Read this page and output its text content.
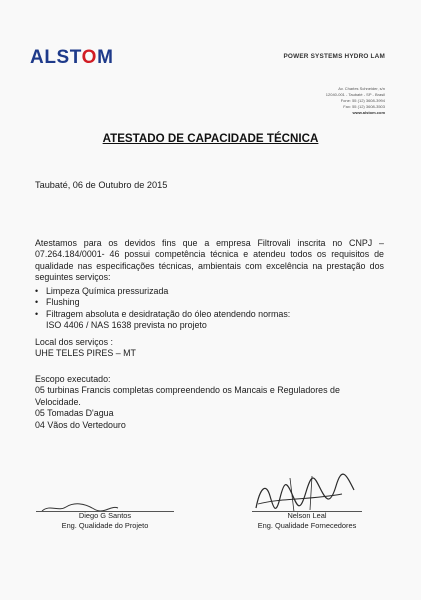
ALSTOM	POWER SYSTEMS HYDRO LAM
Av. Charles Schneider, s/n
12040-001 - Taubaté - SP - Brasil
Fone: 55 (12) 3608-3994
Fax: 55 (12) 3608-3503
www.alstom.com
ATESTADO DE CAPACIDADE TÉCNICA
Taubaté, 06 de Outubro de 2015
Atestamos para os devidos fins que a empresa Filtrovali inscrita no CNPJ – 07.264.184/0001- 46 possui competência técnica e atendeu todos os requisitos de qualidade nas especificações técnicas, ambientais com excelência na prestação dos seguintes serviços:
• Limpeza Química pressurizada
• Flushing
• Filtragem absoluta e desidratação do óleo atendendo normas:
ISO 4406 / NAS 1638 prevista no projeto
Local dos serviços :
UHE TELES PIRES – MT
Escopo executado:
05 turbinas Francis completas compreendendo os Mancais e Reguladores de Velocidade.
05 Tomadas D'agua
04 Vãos do Vertedouro
Diego G Santos
Eng. Qualidade do Projeto
Nelson Leal
Eng. Qualidade Fornecedores
